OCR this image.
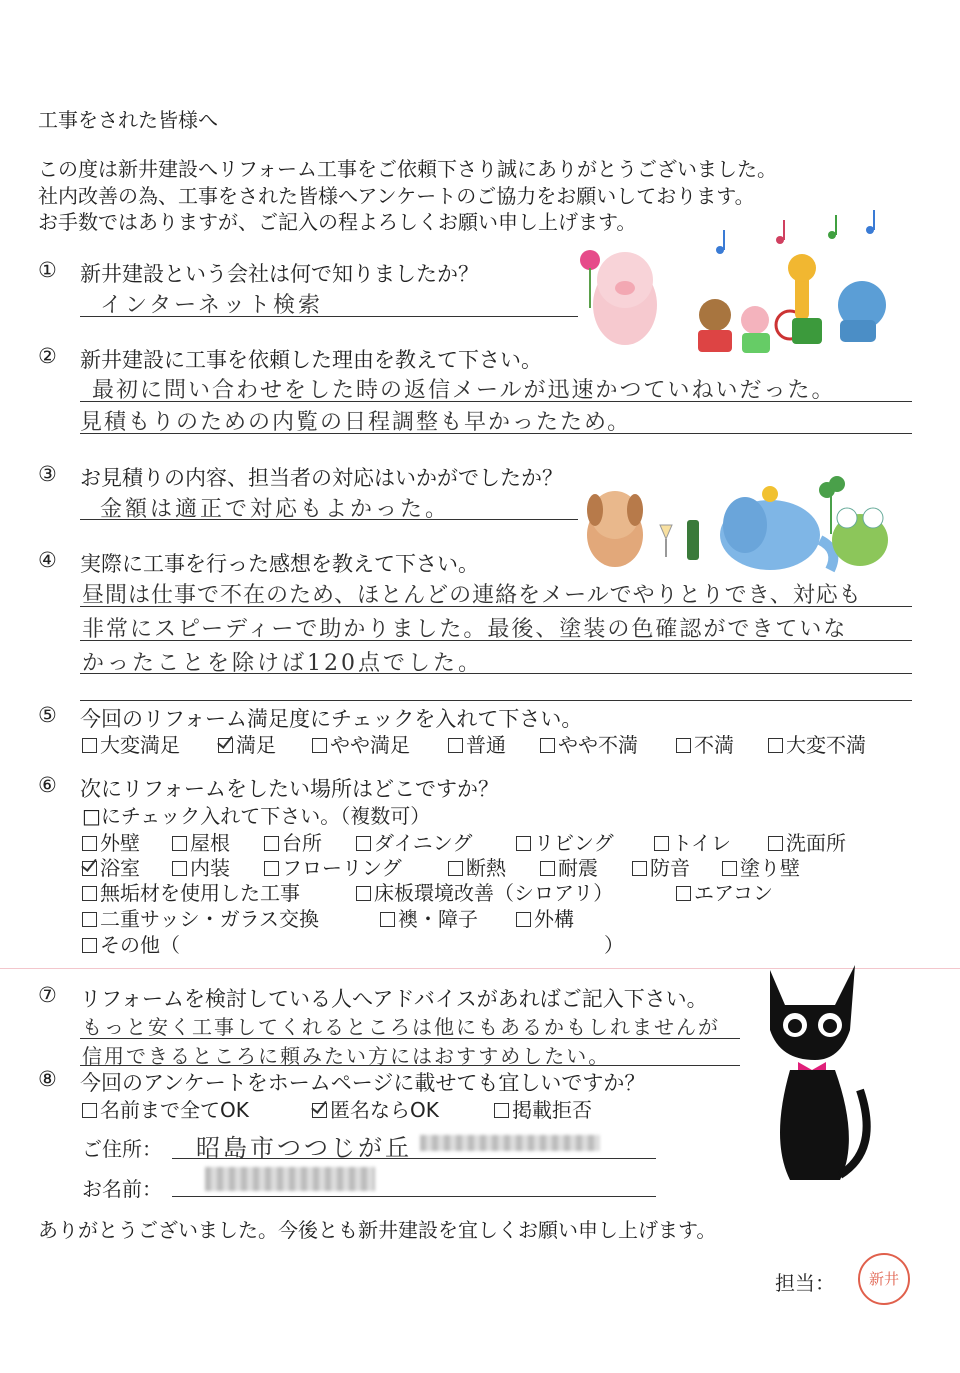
工事をされた皆様へ
この度は新井建設へリフォーム工事をご依頼下さり誠にありがとうございました。
社内改善の為、工事をされた皆様へアンケートのご協力をお願いしております。
お手数ではありますが、ご記入の程よろしくお願い申し上げます。
① 新井建設という会社は何で知りましたか？
インターネット検索
② 新井建設に工事を依頼した理由を教えて下さい。
最初に問い合わせをした時の返信メールが迅速かつていねいだった。
見積もりのための内覧の日程調整も早かったため。
③ お見積りの内容、担当者の対応はいかがでしたか？
金額は適正で対応もよかった。
④ 実際に工事を行った感想を教えて下さい。
昼間は仕事で不在のため、ほとんどの連絡をメールでやりとりでき、対応も
非常にスピーディーで助かりました。最後、塗装の色確認ができていな
かったことを除けば120点でした。
⑤ 今回のリフォーム満足度にチェックを入れて下さい。
大変満足	満足	やや満足	普通	やや不満	不満	大変不満
⑥ 次にリフォームをしたい場所はどこですか？
□にチェック入れて下さい。（複数可）
外壁	屋根	台所	ダイニング	リビング	トイレ	洗面所
浴室	内装	フローリング	断熱	耐震	防音	塗り壁
無垢材を使用した工事	床板環境改善（シロアリ）	エアコン
二重サッシ・ガラス交換	襖・障子	外構
その他（	）
⑦ リフォームを検討している人へアドバイスがあればご記入下さい。
もっと安く工事してくれるところは他にもあるかもしれませんが
信用できるところに頼みたい方にはおすすめしたい。
⑧ 今回のアンケートをホームページに載せても宜しいですか？
名前まで全てOK	匿名ならOK	掲載拒否
ご住所： 昭島市つつじが丘
お名前：
ありがとうございました。今後とも新井建設を宜しくお願い申し上げます。
担当：	新井
